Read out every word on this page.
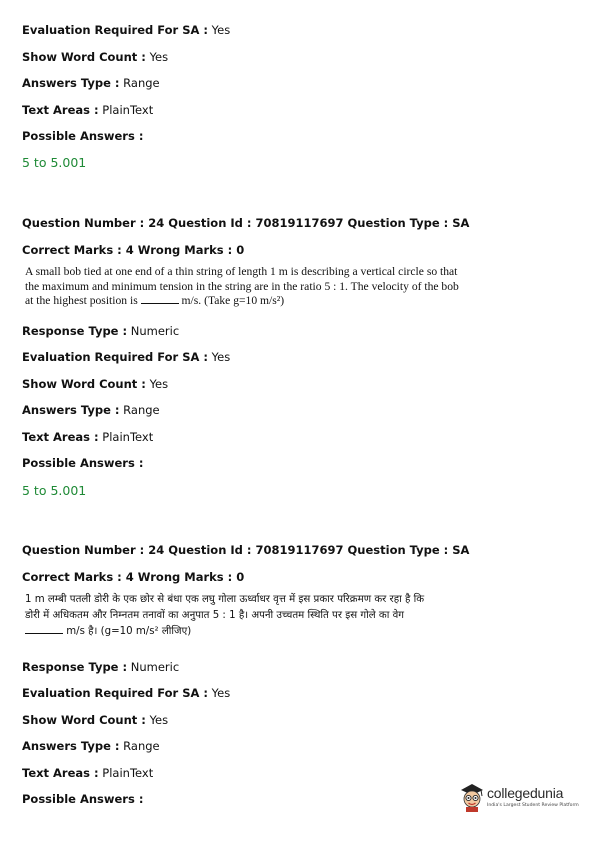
Evaluation Required For SA : Yes
Show Word Count : Yes
Answers Type : Range
Text Areas : PlainText
Possible Answers :
5 to 5.001
Question Number : 24 Question Id : 70819117697 Question Type : SA
Correct Marks : 4 Wrong Marks : 0
A small bob tied at one end of a thin string of length 1 m is describing a vertical circle so that
the maximum and minimum tension in the string are in the ratio 5 : 1. The velocity of the bob
at the highest position is	m/s. (Take g=10 m/s²)
Response Type : Numeric
Evaluation Required For SA : Yes
Show Word Count : Yes
Answers Type : Range
Text Areas : PlainText
Possible Answers :
5 to 5.001
Question Number : 24 Question Id : 70819117697 Question Type : SA
Correct Marks : 4 Wrong Marks : 0
1 m लम्बी पतली डोरी के एक छोर से बंधा एक लघु गोला ऊर्ध्वाधर वृत्त में इस प्रकार परिक्रमण कर रहा है कि
डोरी में अधिकतम और निम्नतम तनावों का अनुपात 5 : 1 है। अपनी उच्चतम स्थिति पर इस गोले का वेग
m/s है। (g=10 m/s² लीजिए)
Response Type : Numeric
Evaluation Required For SA : Yes
Show Word Count : Yes
Answers Type : Range
Text Areas : PlainText
Possible Answers :	collegedunia
India's Largest Student Review Platform
